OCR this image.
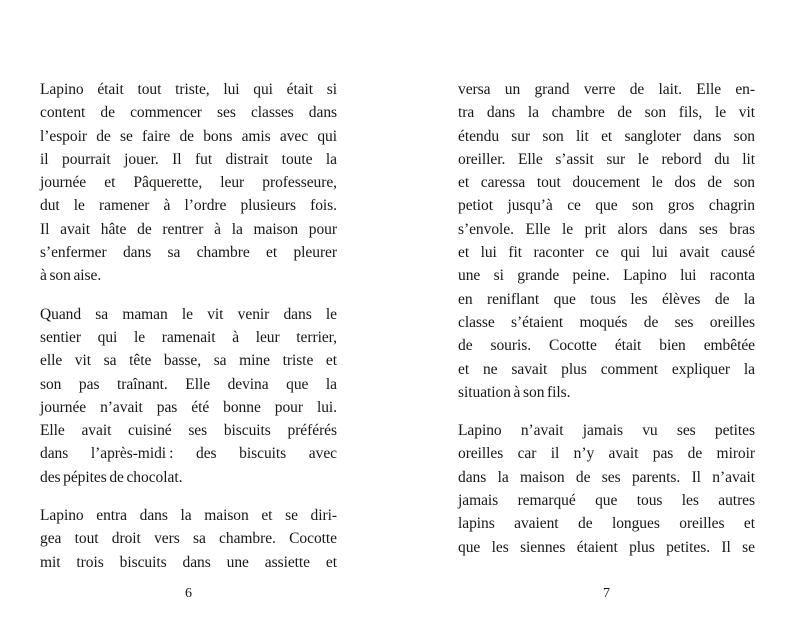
Lapino était tout triste, lui qui était si
content de commencer ses classes dans
l’espoir de se faire de bons amis avec qui
il pourrait jouer. Il fut distrait toute la
journée et Pâquerette, leur professeure,
dut le ramener à l’ordre plusieurs fois.
Il avait hâte de rentrer à la maison pour
s’enfermer dans sa chambre et pleurer
à son aise.
Quand sa maman le vit venir dans le
sentier qui le ramenait à leur terrier,
elle vit sa tête basse, sa mine triste et
son pas traînant. Elle devina que la
journée n’avait pas été bonne pour lui.
Elle avait cuisiné ses biscuits préférés
dans l’après-midi : des biscuits avec
des pépites de chocolat.
Lapino entra dans la maison et se diri-
gea tout droit vers sa chambre. Cocotte
mit trois biscuits dans une assiette et
versa un grand verre de lait. Elle en-
tra dans la chambre de son fils, le vit
étendu sur son lit et sangloter dans son
oreiller. Elle s’assit sur le rebord du lit
et caressa tout doucement le dos de son
petiot jusqu’à ce que son gros chagrin
s’envole. Elle le prit alors dans ses bras
et lui fit raconter ce qui lui avait causé
une si grande peine. Lapino lui raconta
en reniflant que tous les élèves de la
classe s’étaient moqués de ses oreilles
de souris. Cocotte était bien embêtée
et ne savait plus comment expliquer la
situation à son fils.
Lapino n’avait jamais vu ses petites
oreilles car il n’y avait pas de miroir
dans la maison de ses parents. Il n’avait
jamais remarqué que tous les autres
lapins avaient de longues oreilles et
que les siennes étaient plus petites. Il se
6	7
